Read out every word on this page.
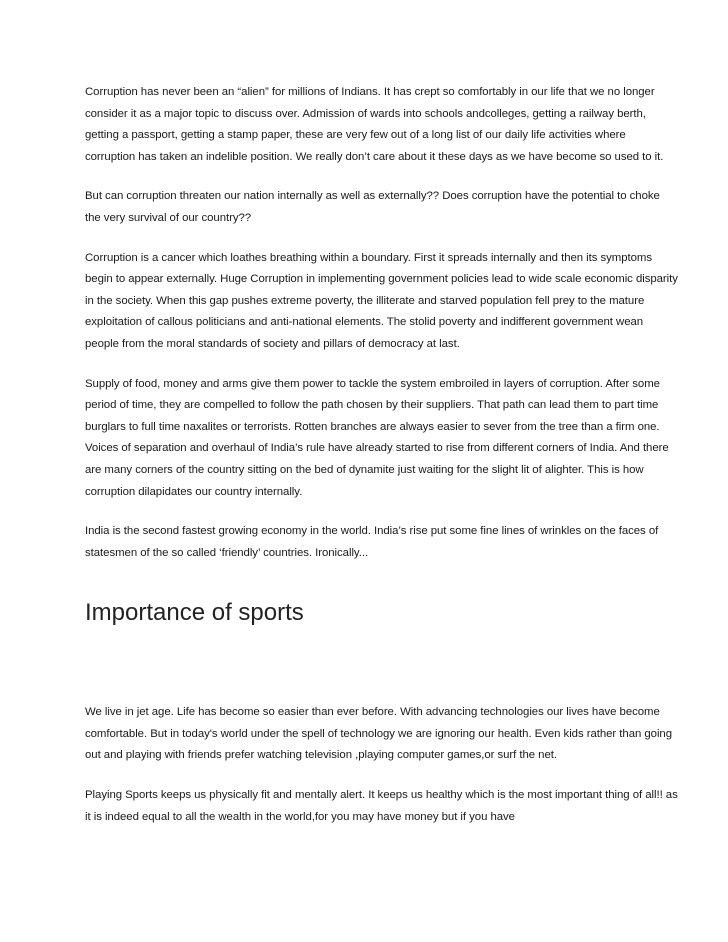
Corruption has never been an “alien” for millions of Indians. It has crept so comfortably in our life that we no longer consider it as a major topic to discuss over. Admission of wards into schools andcolleges, getting a railway berth, getting a passport, getting a stamp paper, these are very few out of a long list of our daily life activities where corruption has taken an indelible position. We really don’t care about it these days as we have become so used to it.

But can corruption threaten our nation internally as well as externally?? Does corruption have the potential to choke the very survival of our country??

Corruption is a cancer which loathes breathing within a boundary. First it spreads internally and then its symptoms begin to appear externally. Huge Corruption in implementing government policies lead to wide scale economic disparity in the society. When this gap pushes extreme poverty, the illiterate and starved population fell prey to the mature exploitation of callous politicians and anti-national elements. The stolid poverty and indifferent government wean people from the moral standards of society and pillars of democracy at last.

Supply of food, money and arms give them power to tackle the system embroiled in layers of corruption. After some period of time, they are compelled to follow the path chosen by their suppliers. That path can lead them to part time burglars to full time naxalites or terrorists. Rotten branches are always easier to sever from the tree than a firm one. Voices of separation and overhaul of India’s rule have already started to rise from different corners of India. And there are many corners of the country sitting on the bed of dynamite just waiting for the slight lit of alighter. This is how corruption dilapidates our country internally.

India is the second fastest growing economy in the world. India’s rise put some fine lines of wrinkles on the faces of statesmen of the so called ‘friendly’ countries. Ironically...

Importance of sports

We live in jet age. Life has become so easier than ever before. With advancing technologies our lives have become comfortable. But in today's world under the spell of technology we are ignoring our health. Even kids rather than going out and playing with friends prefer watching television ,playing computer games,or surf the net.

Playing Sports keeps us physically fit and mentally alert. It keeps us healthy which is the most important thing of all!! as it is indeed equal to all the wealth in the world,for you may have money but if you have
